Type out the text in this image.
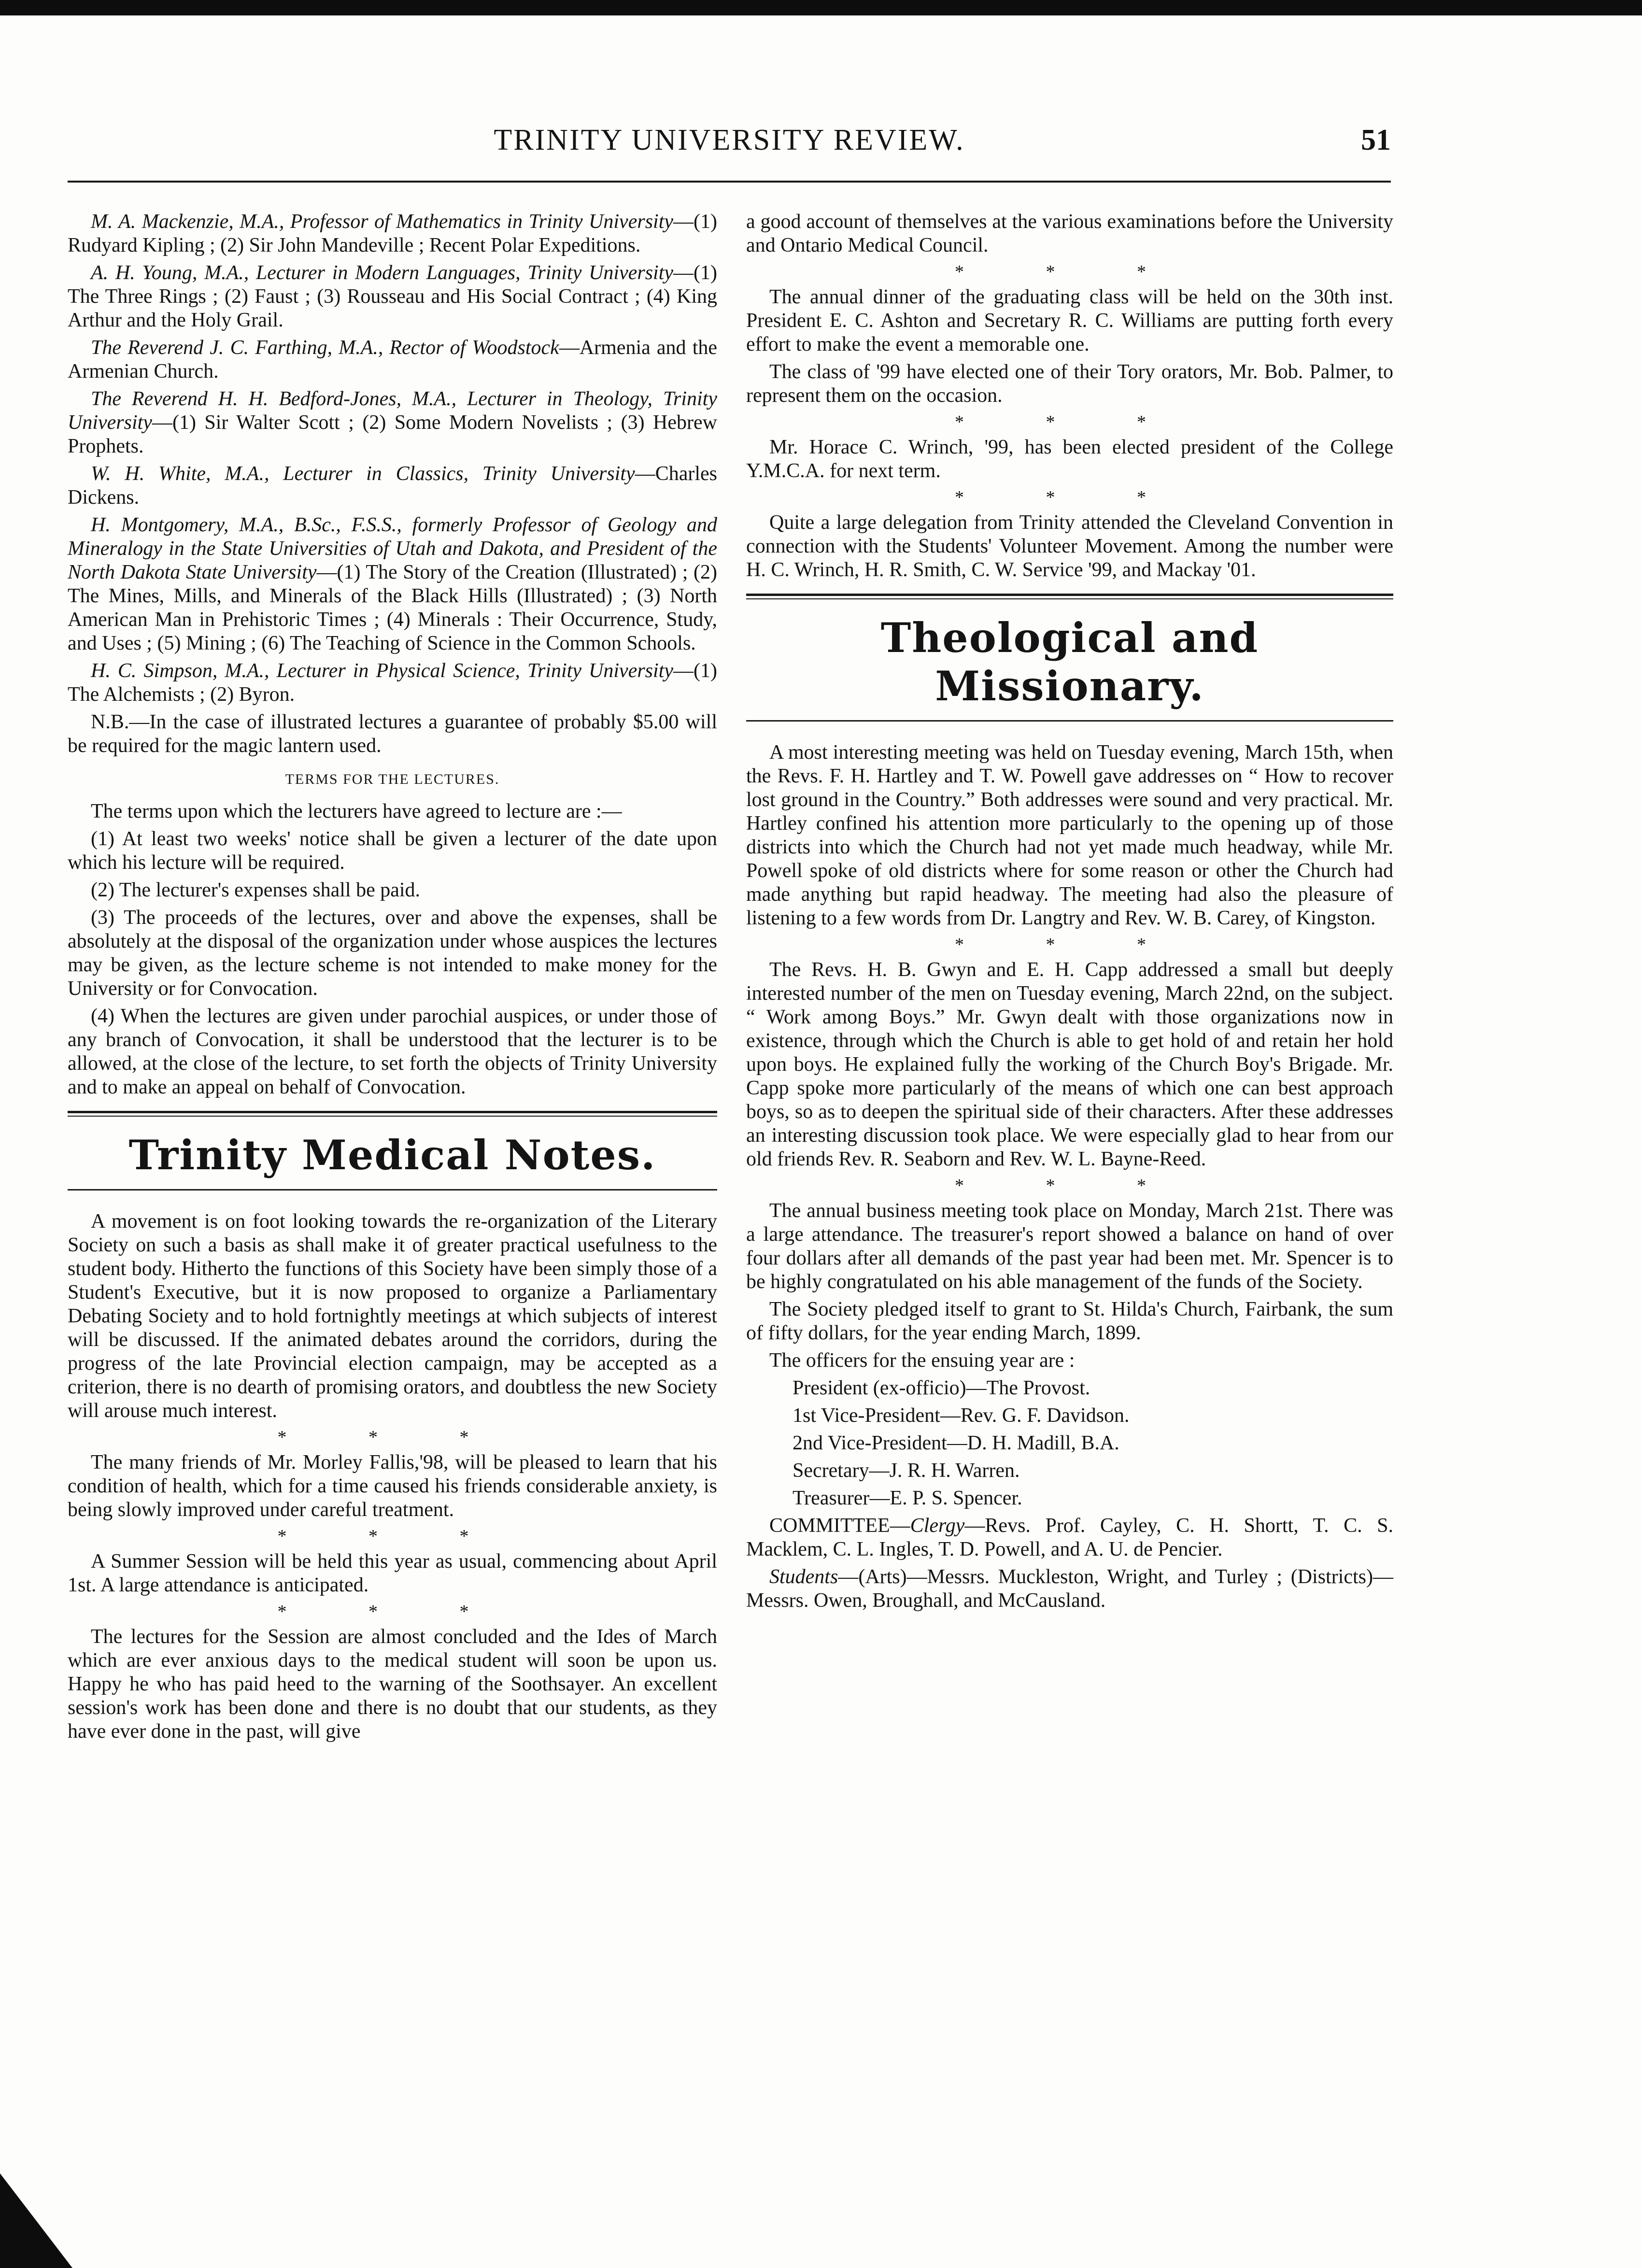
TRINITY UNIVERSITY REVIEW.	51
M. A. Mackenzie, M.A., Professor of Mathematics in Trinity University—(1) Rudyard Kipling ; (2) Sir John Mandeville ; Recent Polar Expeditions.
A. H. Young, M.A., Lecturer in Modern Languages, Trinity University—(1) The Three Rings ; (2) Faust ; (3) Rousseau and His Social Contract ; (4) King Arthur and the Holy Grail.
The Reverend J. C. Farthing, M.A., Rector of Woodstock—Armenia and the Armenian Church.
The Reverend H. H. Bedford-Jones, M.A., Lecturer in Theology, Trinity University—(1) Sir Walter Scott ; (2) Some Modern Novelists ; (3) Hebrew Prophets.
W. H. White, M.A., Lecturer in Classics, Trinity University—Charles Dickens.
H. Montgomery, M.A., B.Sc., F.S.S., formerly Professor of Geology and Mineralogy in the State Universities of Utah and Dakota, and President of the North Dakota State University—(1) The Story of the Creation (Illustrated) ; (2) The Mines, Mills, and Minerals of the Black Hills (Illustrated) ; (3) North American Man in Prehistoric Times ; (4) Minerals : Their Occurrence, Study, and Uses ; (5) Mining ; (6) The Teaching of Science in the Common Schools.
H. C. Simpson, M.A., Lecturer in Physical Science, Trinity University—(1) The Alchemists ; (2) Byron.

N.B.—In the case of illustrated lectures a guarantee of probably $5.00 will be required for the magic lantern used.

TERMS FOR THE LECTURES.

The terms upon which the lecturers have agreed to lecture are :—

(1) At least two weeks' notice shall be given a lecturer of the date upon which his lecture will be required.

(2) The lecturer's expenses shall be paid.

(3) The proceeds of the lectures, over and above the expenses, shall be absolutely at the disposal of the organization under whose auspices the lectures may be given, as the lecture scheme is not intended to make money for the University or for Convocation.

(4) When the lectures are given under parochial auspices, or under those of any branch of Convocation, it shall be understood that the lecturer is to be allowed, at the close of the lecture, to set forth the objects of Trinity University and to make an appeal on behalf of Convocation.

Trinity Medical Notes.

A movement is on foot looking towards the re-organization of the Literary Society on such a basis as shall make it of greater practical usefulness to the student body. Hitherto the functions of this Society have been simply those of a Student's Executive, but it is now proposed to organize a Parliamentary Debating Society and to hold fortnightly meetings at which subjects of interest will be discussed. If the animated debates around the corridors, during the progress of the late Provincial election campaign, may be accepted as a criterion, there is no dearth of promising orators, and doubtless the new Society will arouse much interest.

* * *

The many friends of Mr. Morley Fallis,'98, will be pleased to learn that his condition of health, which for a time caused his friends considerable anxiety, is being slowly improved under careful treatment.

* * *

A Summer Session will be held this year as usual, commencing about April 1st. A large attendance is anticipated.

* * *

The lectures for the Session are almost concluded and the Ides of March which are ever anxious days to the medical student will soon be upon us. Happy he who has paid heed to the warning of the Soothsayer. An excellent session's work has been done and there is no doubt that our students, as they have ever done in the past, will give

a good account of themselves at the various examinations before the University and Ontario Medical Council.

* * *

The annual dinner of the graduating class will be held on the 30th inst. President E. C. Ashton and Secretary R. C. Williams are putting forth every effort to make the event a memorable one.

The class of '99 have elected one of their Tory orators, Mr. Bob. Palmer, to represent them on the occasion.

* * *

Mr. Horace C. Wrinch, '99, has been elected president of the College Y.M.C.A. for next term.

* * *

Quite a large delegation from Trinity attended the Cleveland Convention in connection with the Students' Volunteer Movement. Among the number were H. C. Wrinch, H. R. Smith, C. W. Service '99, and Mackay '01.

Theological and Missionary.

A most interesting meeting was held on Tuesday evening, March 15th, when the Revs. F. H. Hartley and T. W. Powell gave addresses on “ How to recover lost ground in the Country.” Both addresses were sound and very practical. Mr. Hartley confined his attention more particularly to the opening up of those districts into which the Church had not yet made much headway, while Mr. Powell spoke of old districts where for some reason or other the Church had made anything but rapid headway. The meeting had also the pleasure of listening to a few words from Dr. Langtry and Rev. W. B. Carey, of Kingston.

* * *

The Revs. H. B. Gwyn and E. H. Capp addressed a small but deeply interested number of the men on Tuesday evening, March 22nd, on the subject. “ Work among Boys.” Mr. Gwyn dealt with those organizations now in existence, through which the Church is able to get hold of and retain her hold upon boys. He explained fully the working of the Church Boy's Brigade. Mr. Capp spoke more particularly of the means of which one can best approach boys, so as to deepen the spiritual side of their characters. After these addresses an interesting discussion took place. We were especially glad to hear from our old friends Rev. R. Seaborn and Rev. W. L. Bayne-Reed.

* * *

The annual business meeting took place on Monday, March 21st. There was a large attendance. The treasurer's report showed a balance on hand of over four dollars after all demands of the past year had been met. Mr. Spencer is to be highly congratulated on his able management of the funds of the Society.

The Society pledged itself to grant to St. Hilda's Church, Fairbank, the sum of fifty dollars, for the year ending March, 1899.

The officers for the ensuing year are :

President (ex-officio)—The Provost.

1st Vice-President—Rev. G. F. Davidson.

2nd Vice-President—D. H. Madill, B.A.

Secretary—J. R. H. Warren.

Treasurer—E. P. S. Spencer.

COMMITTEE—Clergy—Revs. Prof. Cayley, C. H. Shortt, T. C. S. Macklem, C. L. Ingles, T. D. Powell, and A. U. de Pencier.

Students—(Arts)—Messrs. Muckleston, Wright, and Turley ; (Districts)—Messrs. Owen, Broughall, and McCausland.
